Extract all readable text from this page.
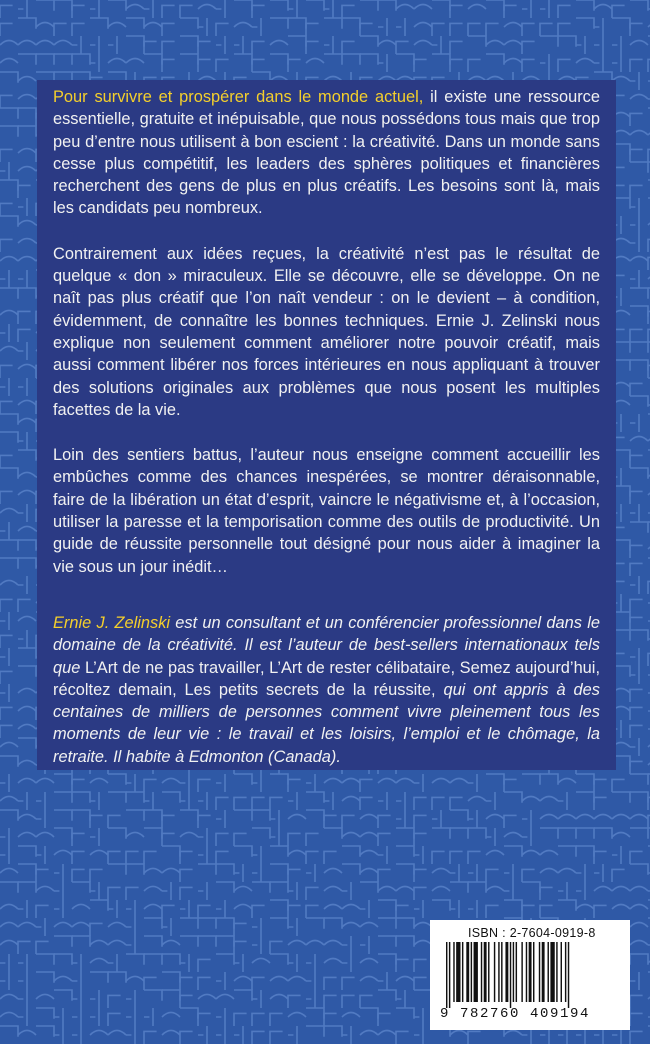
Pour survivre et prospérer dans le monde actuel, il existe une ressource essentielle, gratuite et inépuisable, que nous possédons tous mais que trop peu d’entre nous utilisent à bon escient : la créativité. Dans un monde sans cesse plus compétitif, les leaders des sphères politiques et financières recherchent des gens de plus en plus créatifs. Les besoins sont là, mais les candidats peu nombreux.

Contrairement aux idées reçues, la créativité n’est pas le résultat de quelque « don » miraculeux. Elle se découvre, elle se développe. On ne naît pas plus créatif que l’on naît vendeur : on le devient – à condition, évidemment, de connaître les bonnes techniques. Ernie J. Zelinski nous explique non seulement comment améliorer notre pouvoir créatif, mais aussi comment libérer nos forces intérieures en nous appliquant à trouver des solutions originales aux problèmes que nous posent les multiples facettes de la vie.

Loin des sentiers battus, l’auteur nous enseigne comment accueillir les embûches comme des chances inespérées, se montrer déraisonnable, faire de la libération un état d’esprit, vaincre le négativisme et, à l’occasion, utiliser la paresse et la temporisation comme des outils de productivité. Un guide de réussite personnelle tout désigné pour nous aider à imaginer la vie sous un jour inédit…

Ernie J. Zelinski est un consultant et un conférencier professionnel dans le domaine de la créativité. Il est l’auteur de best-sellers internationaux tels que L’Art de ne pas travailler, L’Art de rester célibataire, Semez aujourd’hui, récoltez demain, Les petits secrets de la réussite, qui ont appris à des centaines de milliers de personnes comment vivre pleinement tous les moments de leur vie : le travail et les loisirs, l’emploi et le chômage, la retraite. Il habite à Edmonton (Canada).

ISBN : 2-7604-0919-8
9 782760 409194
